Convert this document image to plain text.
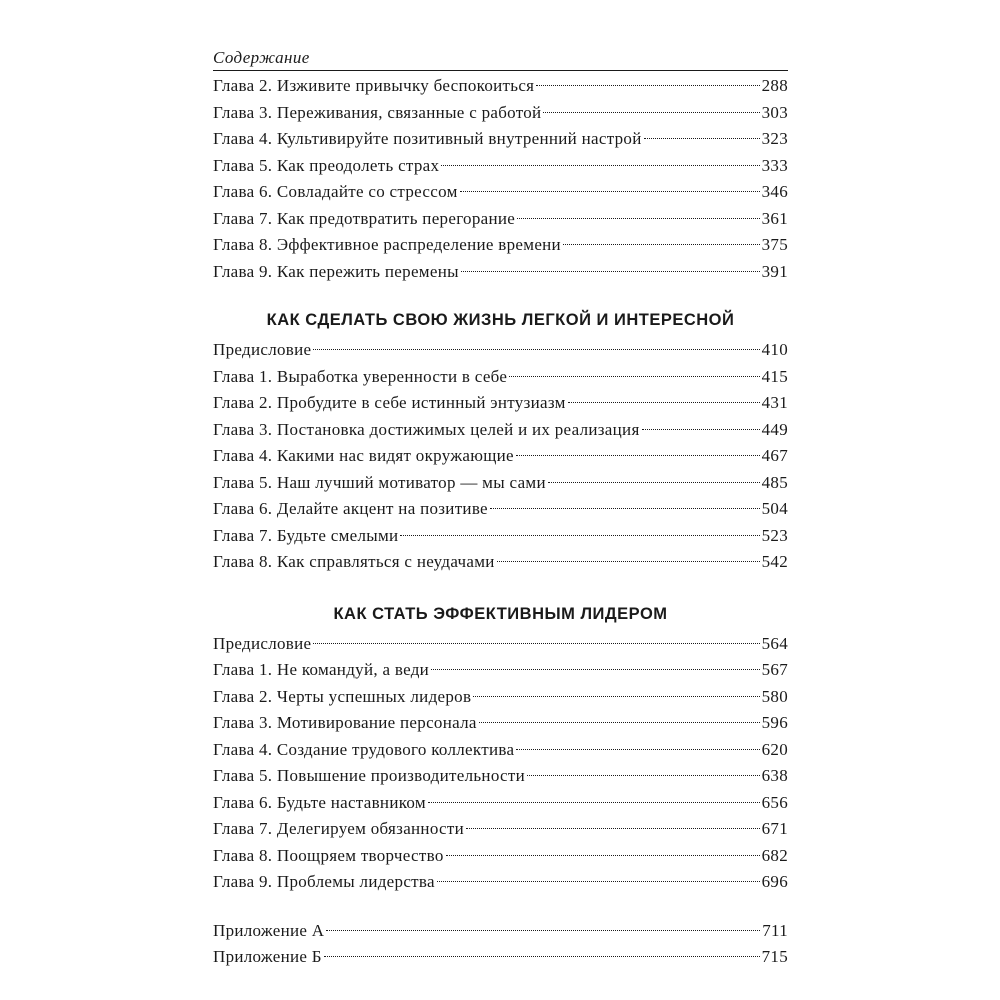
Содержание
Глава 2. Изживите привычку беспокоиться	288
Глава 3. Переживания, связанные с работой	303
Глава 4. Культивируйте позитивный внутренний настрой	323
Глава 5. Как преодолеть страх	333
Глава 6. Совладайте со стрессом	346
Глава 7. Как предотвратить перегорание	361
Глава 8. Эффективное распределение времени	375
Глава 9. Как пережить перемены	391
КАК СДЕЛАТЬ СВОЮ ЖИЗНЬ ЛЕГКОЙ И ИНТЕРЕСНОЙ
Предисловие	410
Глава 1. Выработка уверенности в себе	415
Глава 2. Пробудите в себе истинный энтузиазм	431
Глава 3. Постановка достижимых целей и их реализация	449
Глава 4. Какими нас видят окружающие	467
Глава 5. Наш лучший мотиватор — мы сами	485
Глава 6. Делайте акцент на позитиве	504
Глава 7. Будьте смелыми	523
Глава 8. Как справляться с неудачами	542
КАК СТАТЬ ЭФФЕКТИВНЫМ ЛИДЕРОМ
Предисловие	564
Глава 1. Не командуй, а веди	567
Глава 2. Черты успешных лидеров	580
Глава 3. Мотивирование персонала	596
Глава 4. Создание трудового коллектива	620
Глава 5. Повышение производительности	638
Глава 6. Будьте наставником	656
Глава 7. Делегируем обязанности	671
Глава 8. Поощряем творчество	682
Глава 9. Проблемы лидерства	696
Приложение А	711
Приложение Б	715
